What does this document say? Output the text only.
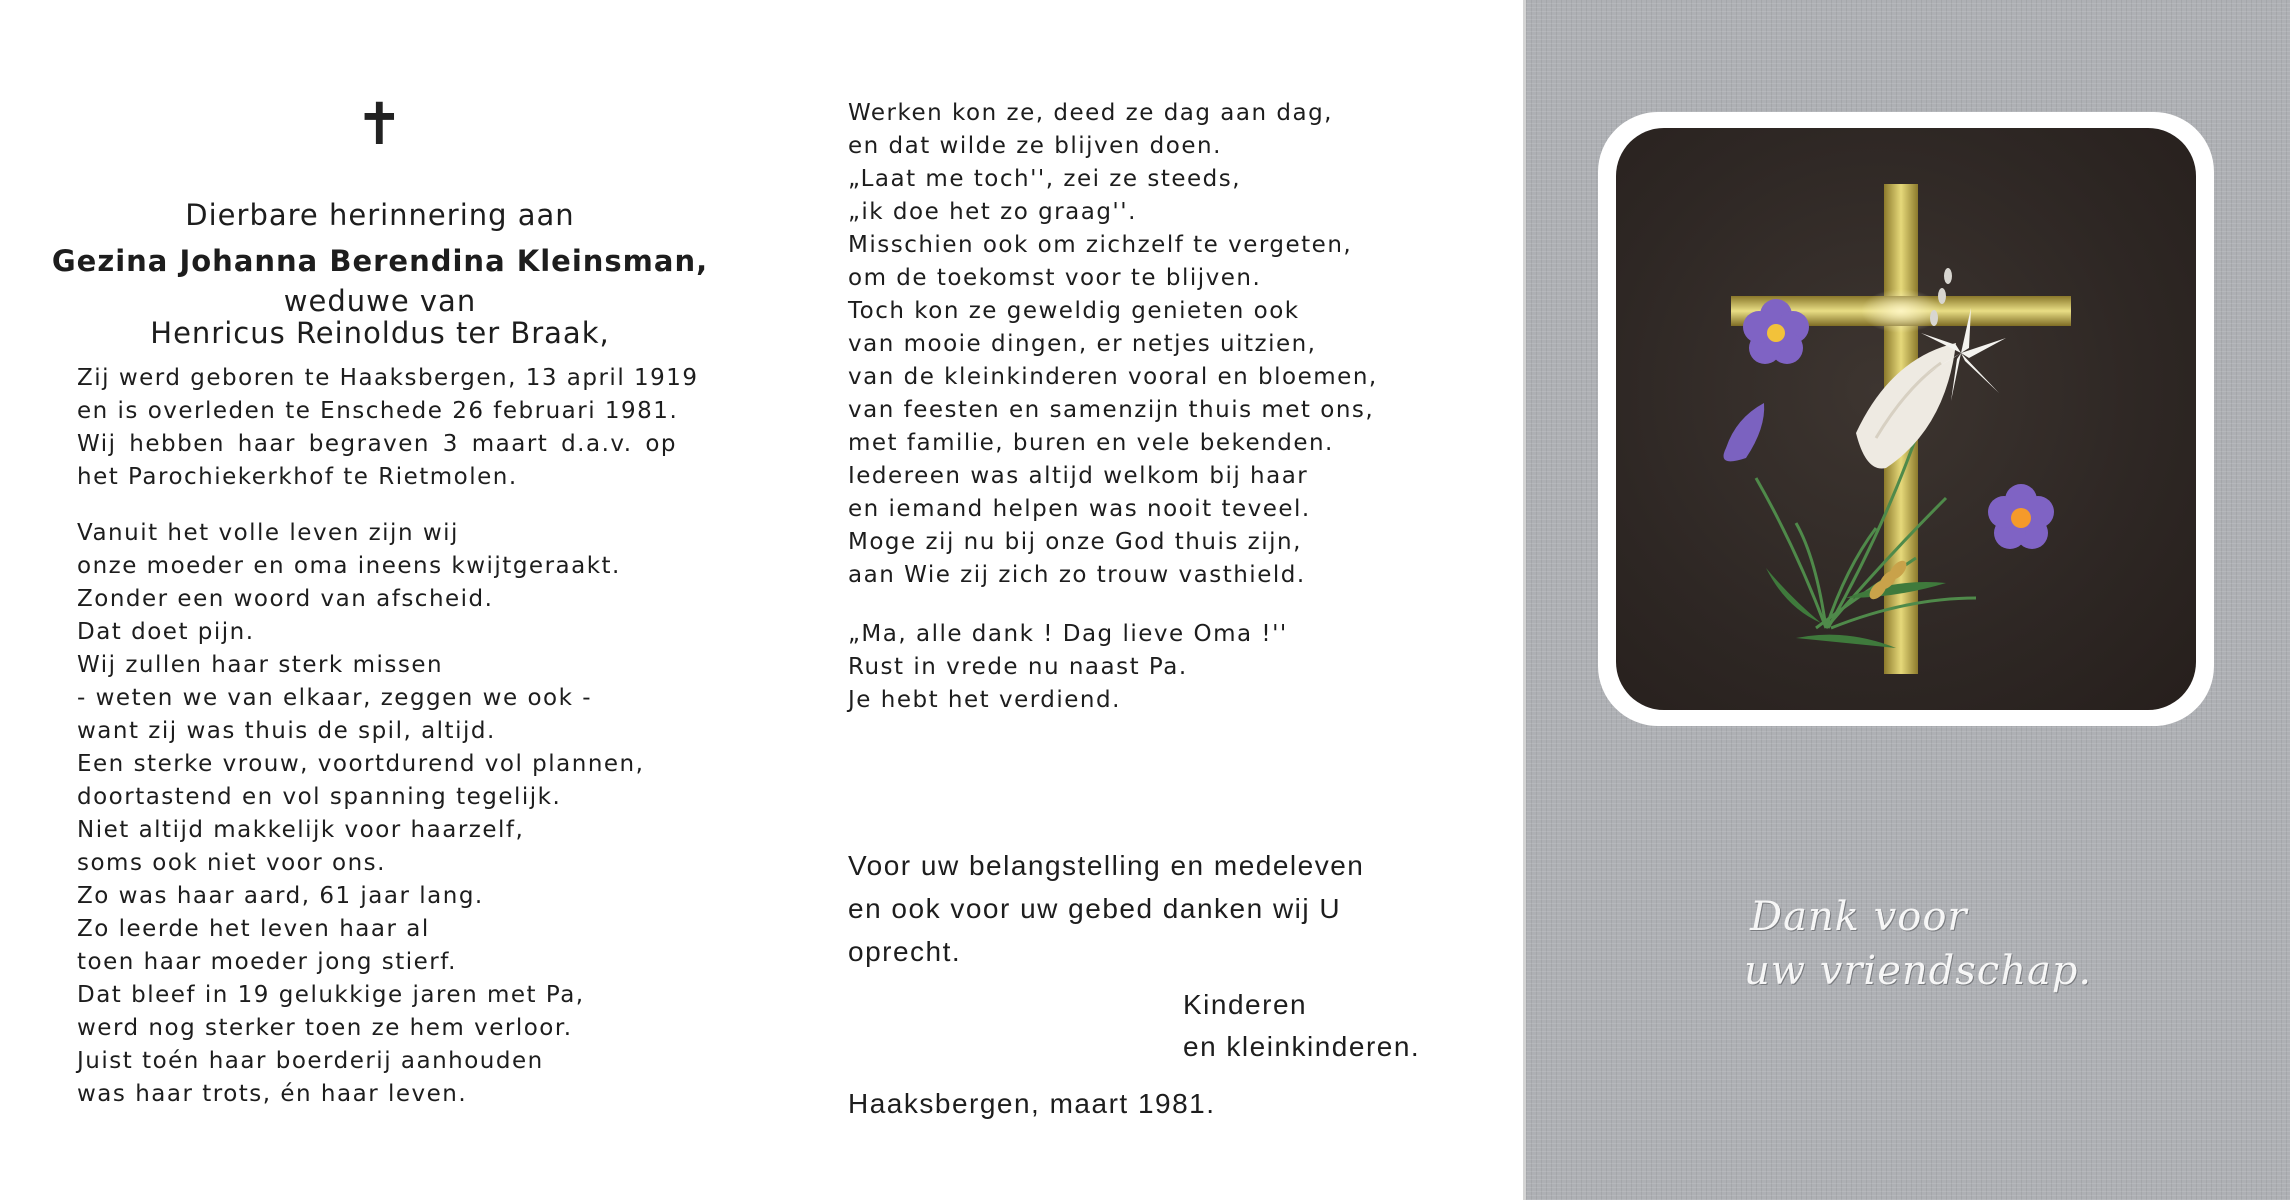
✝
Dierbare herinnering aan
Gezina Johanna Berendina Kleinsman,
weduwe van
Henricus Reinoldus ter Braak,
Zij werd geboren te Haaksbergen, 13 april 1919
en is overleden te Enschede 26 februari 1981.
Wij hebben haar begraven 3 maart d.a.v. op
het Parochiekerkhof te Rietmolen.
Vanuit het volle leven zijn wij
onze moeder en oma ineens kwijtgeraakt.
Zonder een woord van afscheid.
Dat doet pijn.
Wij zullen haar sterk missen
- weten we van elkaar, zeggen we ook -
want zij was thuis de spil, altijd.
Een sterke vrouw, voortdurend vol plannen,
doortastend en vol spanning tegelijk.
Niet altijd makkelijk voor haarzelf,
soms ook niet voor ons.
Zo was haar aard, 61 jaar lang.
Zo leerde het leven haar al
toen haar moeder jong stierf.
Dat bleef in 19 gelukkige jaren met Pa,
werd nog sterker toen ze hem verloor.
Juist toén haar boerderij aanhouden
was haar trots, én haar leven.
Werken kon ze, deed ze dag aan dag,
en dat wilde ze blijven doen.
„Laat me toch'', zei ze steeds,
„ik doe het zo graag''.
Misschien ook om zichzelf te vergeten,
om de toekomst voor te blijven.
Toch kon ze geweldig genieten ook
van mooie dingen, er netjes uitzien,
van de kleinkinderen vooral en bloemen,
van feesten en samenzijn thuis met ons,
met familie, buren en vele bekenden.
Iedereen was altijd welkom bij haar
en iemand helpen was nooit teveel.
Moge zij nu bij onze God thuis zijn,
aan Wie zij zich zo trouw vasthield.
„Ma, alle dank ! Dag lieve Oma !''
Rust in vrede nu naast Pa.
Je hebt het verdiend.
Voor uw belangstelling en medeleven
en ook voor uw gebed danken wij U
oprecht.
Kinderen
en kleinkinderen.
Haaksbergen, maart 1981.
Dank voor
uw vriendschap.
